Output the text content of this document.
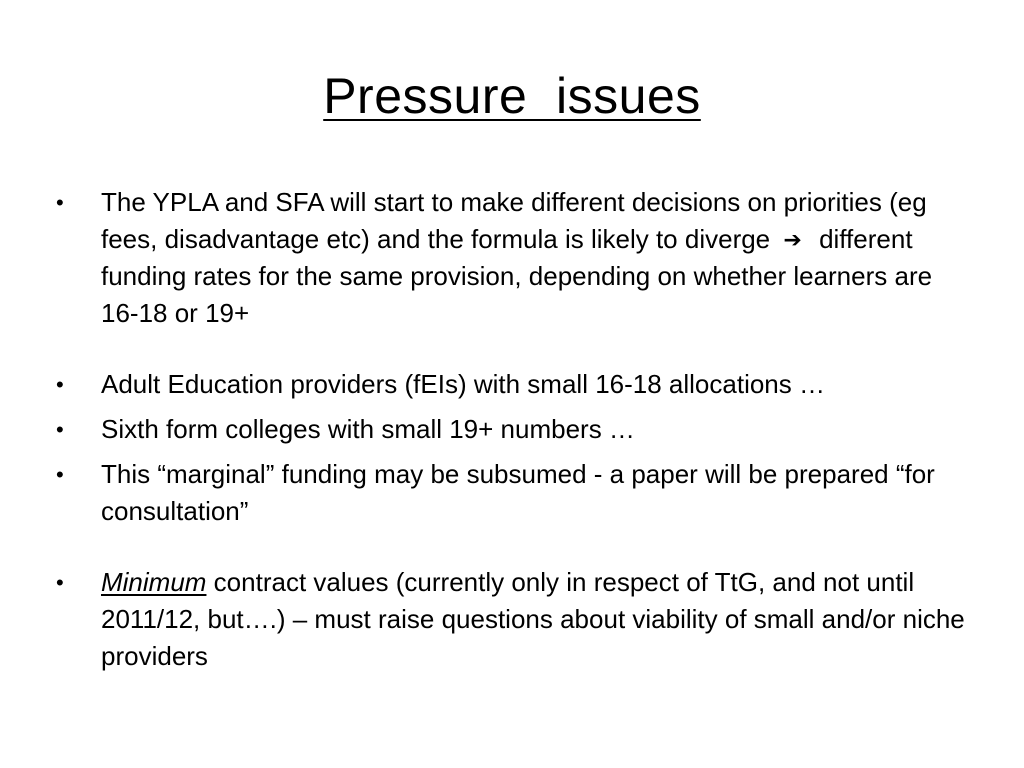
Pressure  issues
•	The YPLA and SFA will start to make different decisions on priorities (eg fees, disadvantage etc) and the formula is likely to diverge ➔ different funding rates for the same provision, depending on whether learners are 16-18 or 19+
•	Adult Education providers (fEIs) with small 16-18 allocations …
•	Sixth form colleges with small 19+ numbers …
•	This “marginal” funding may be subsumed - a paper will be prepared “for consultation”
•	Minimum contract values (currently only in respect of TtG, and not until 2011/12, but….) – must raise questions about viability of small and/or niche providers
